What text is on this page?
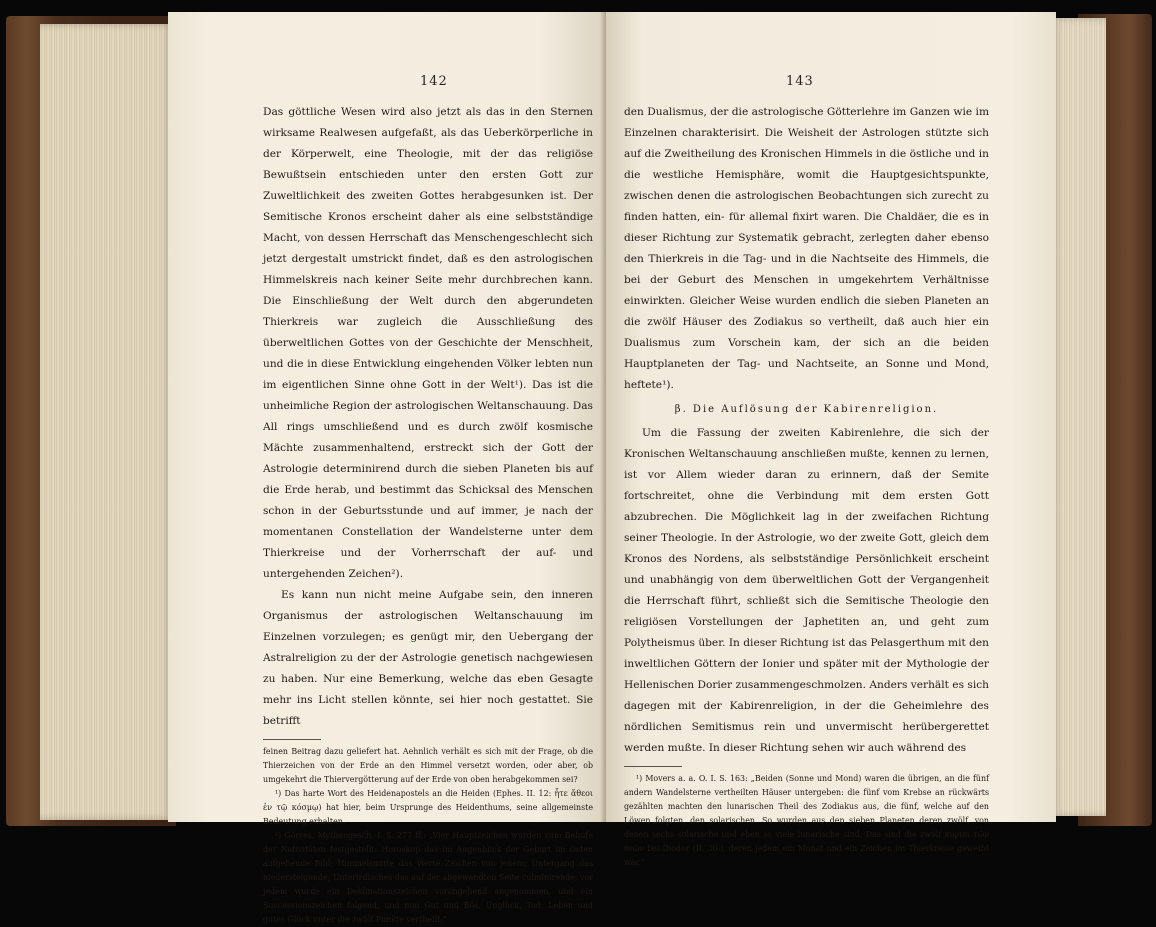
142

Das göttliche Wesen wird also jetzt als das in den Sternen wirksame Realwesen aufgefaßt, als das Ueberkörperliche in der Körperwelt, eine Theologie, mit der das religiöse Bewußtsein entschieden unter den ersten Gott zur Zuweltlichkeit des zweiten Gottes herabgesunken ist. Der Semitische Kronos erscheint daher als eine selbstständige Macht, von dessen Herrschaft das Menschengeschlecht sich jetzt dergestalt umstrickt findet, daß es den astrologischen Himmelskreis nach keiner Seite mehr durchbrechen kann. Die Einschließung der Welt durch den abgerundeten Thierkreis war zugleich die Ausschließung des überweltlichen Gottes von der Geschichte der Menschheit, und die in diese Entwicklung eingehenden Völker lebten nun im eigentlichen Sinne ohne Gott in der Welt¹). Das ist die unheimliche Region der astrologischen Weltanschauung. Das All rings umschließend und es durch zwölf kosmische Mächte zusammenhaltend, erstreckt sich der Gott der Astrologie determinirend durch die sieben Planeten bis auf die Erde herab, und bestimmt das Schicksal des Menschen schon in der Geburtsstunde und auf immer, je nach der momentanen Constellation der Wandelsterne unter dem Thierkreise und der Vorherrschaft der auf- und untergehenden Zeichen²).

Es kann nun nicht meine Aufgabe sein, den inneren Organismus der astrologischen Weltanschauung im Einzelnen vorzulegen; es genügt mir, den Uebergang der Astralreligion zu der der Astrologie genetisch nachgewiesen zu haben. Nur eine Bemerkung, welche das eben Gesagte mehr ins Licht stellen könnte, sei hier noch gestattet. Sie betrifft

feinen Beitrag dazu geliefert hat. Aehnlich verhält es sich mit der Frage, ob die Thierzeichen von der Erde an den Himmel versetzt worden, oder aber, ob umgekehrt die Thiervergötterung auf der Erde von oben herabgekommen sei?

¹) Das harte Wort des Heidenapostels an die Heiden (Ephes. II. 12: ἦτε ἄθεοι ἐν τῷ κόσμῳ) hat hier, beim Ursprunge des Heidenthums, seine allgemeinste Bedeutung erhalten.

²) Görres, Mythengesch. I. S. 277 ff.: „Vier Hauptzeichen wurden zum Behufe der Nativitäten festgestellt: Horoskop das im Augenblick der Geburt im Osten aufgehende Bild; Himmelsmitte das vierte Zeichen von jenem; Untergang das niedersteigende; Unterirdisches das auf der abgewandten Seite culminirende; vor jedem wurde ein Deklinationszeichen vorangehend angenommen, und ein Successionszeichen folgend, und nun Gut und Bös, Unglück, Tod, Leben und gutes Glück unter die zwölf Punkte vertheilt.“

143

den Dualismus, der die astrologische Götterlehre im Ganzen wie im Einzelnen charakterisirt. Die Weisheit der Astrologen stützte sich auf die Zweitheilung des Kronischen Himmels in die östliche und in die westliche Hemisphäre, womit die Hauptgesichtspunkte, zwischen denen die astrologischen Beobachtungen sich zurecht zu finden hatten, ein- für allemal fixirt waren. Die Chaldäer, die es in dieser Richtung zur Systematik gebracht, zerlegten daher ebenso den Thierkreis in die Tag- und in die Nachtseite des Himmels, die bei der Geburt des Menschen in umgekehrtem Verhältnisse einwirkten. Gleicher Weise wurden endlich die sieben Planeten an die zwölf Häuser des Zodiakus so vertheilt, daß auch hier ein Dualismus zum Vorschein kam, der sich an die beiden Hauptplaneten der Tag- und Nachtseite, an Sonne und Mond, heftete¹).

β. Die Auflösung der Kabirenreligion.

Um die Fassung der zweiten Kabirenlehre, die sich der Kronischen Weltanschauung anschließen mußte, kennen zu lernen, ist vor Allem wieder daran zu erinnern, daß der Semite fortschreitet, ohne die Verbindung mit dem ersten Gott abzubrechen. Die Möglichkeit lag in der zweifachen Richtung seiner Theologie. In der Astrologie, wo der zweite Gott, gleich dem Kronos des Nordens, als selbstständige Persönlichkeit erscheint und unabhängig von dem überweltlichen Gott der Vergangenheit die Herrschaft führt, schließt sich die Semitische Theologie den religiösen Vorstellungen der Japhetiten an, und geht zum Polytheismus über. In dieser Richtung ist das Pelasgerthum mit den inweltlichen Göttern der Ionier und später mit der Mythologie der Hellenischen Dorier zusammengeschmolzen. Anders verhält es sich dagegen mit der Kabirenreligion, in der die Geheimlehre des nördlichen Semitismus rein und unvermischt herübergerettet werden mußte. In dieser Richtung sehen wir auch während des

¹) Movers a. a. O. I. S. 163: „Beiden (Sonne und Mond) waren die übrigen, an die fünf andern Wandelsterne vertheilten Häuser untergeben: die fünf vom Krebse an rückwärts gezählten machten den lunarischen Theil des Zodiakus aus, die fünf, welche auf den Löwen folgten, den solarischen. So wurden aus den sieben Planeten deren zwölf, von denen sechs solarische und eben so viele lunarische sind. Das sind die zwölf κύριοι τῶν θεῶν bei Diodor (II. 30.), deren jedem ein Monat und ein Zeichen im Thierkreise geweiht war.“
